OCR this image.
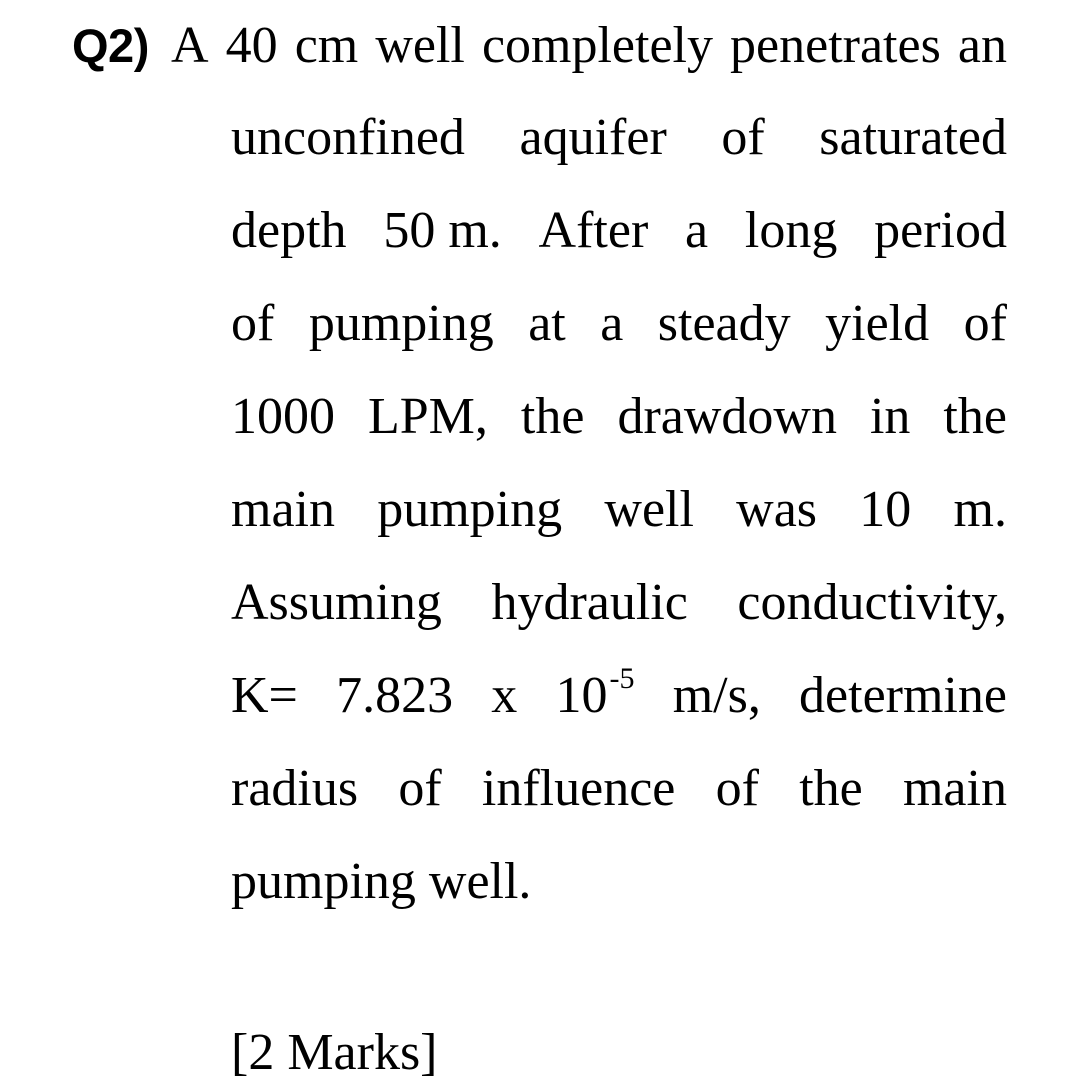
Q2) A 40 cm well completely penetrates an
unconfined aquifer of saturated
depth 50 m. After a long period
of pumping at a steady yield of
1000 LPM, the drawdown in the
main pumping well was 10 m.
Assuming hydraulic conductivity,
K= 7.823 x $10^{-5}$ m/s, determine
radius of influence of the main
pumping well.
[2 Marks]
